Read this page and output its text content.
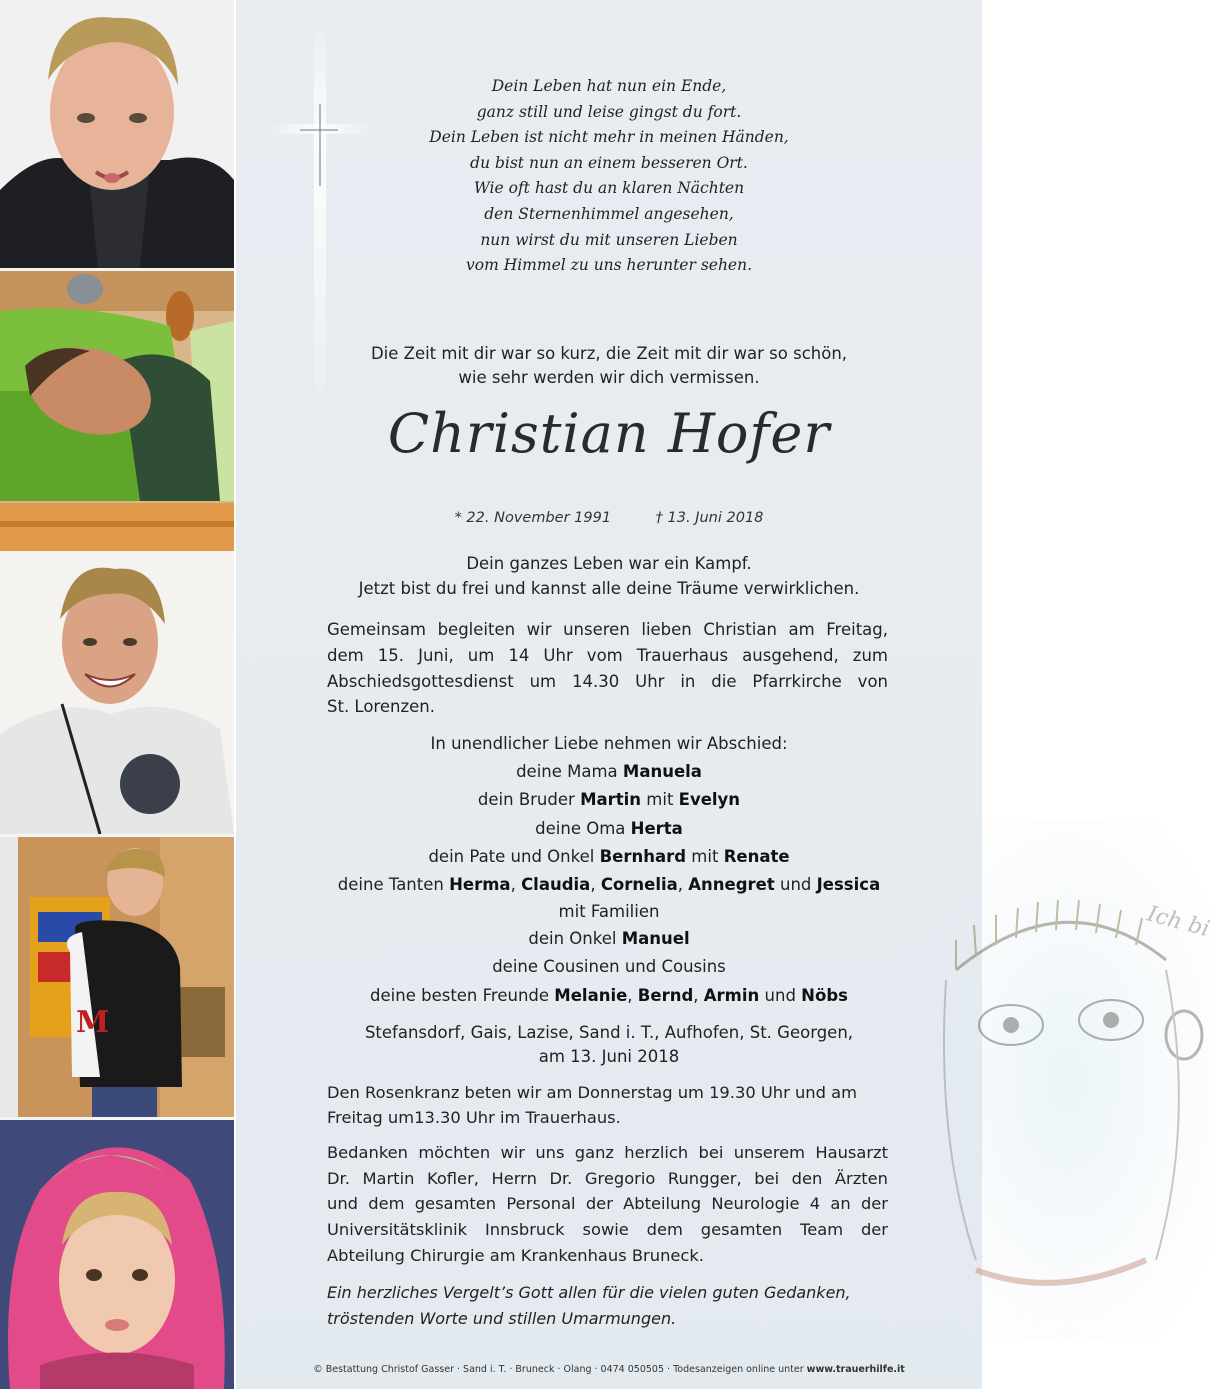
M
Ich bi
Dein Leben hat nun ein Ende,
ganz still und leise gingst du fort.
Dein Leben ist nicht mehr in meinen Händen,
du bist nun an einem besseren Ort.
Wie oft hast du an klaren Nächten
den Sternenhimmel angesehen,
nun wirst du mit unseren Lieben
vom Himmel zu uns herunter sehen.
Die Zeit mit dir war so kurz, die Zeit mit dir war so schön,
wie sehr werden wir dich vermissen.
Christian Hofer
* 22. November 1991	† 13. Juni 2018
Dein ganzes Leben war ein Kampf.
Jetzt bist du frei und kannst alle deine Träume verwirklichen.
Gemeinsam begleiten wir unseren lieben Christian am Freitag,
dem 15. Juni, um 14 Uhr vom Trauerhaus ausgehend, zum
Abschiedsgottesdienst um 14.30 Uhr in die Pfarrkirche von
St. Lorenzen.
In unendlicher Liebe nehmen wir Abschied:
deine Mama Manuela
dein Bruder Martin mit Evelyn
deine Oma Herta
dein Pate und Onkel Bernhard mit Renate
deine Tanten Herma, Claudia, Cornelia, Annegret und Jessica
mit Familien
dein Onkel Manuel
deine Cousinen und Cousins
deine besten Freunde Melanie, Bernd, Armin und Nöbs
Stefansdorf, Gais, Lazise, Sand i. T., Aufhofen, St. Georgen,
am 13. Juni 2018
Den Rosenkranz beten wir am Donnerstag um 19.30 Uhr und am
Freitag um13.30 Uhr im Trauerhaus.
Bedanken möchten wir uns ganz herzlich bei unserem Hausarzt
Dr. Martin Kofler, Herrn Dr. Gregorio Rungger, bei den Ärzten
und dem gesamten Personal der Abteilung Neurologie 4 an der
Universitätsklinik Innsbruck sowie dem gesamten Team der
Abteilung Chirurgie am Krankenhaus Bruneck.
Ein herzliches Vergelt’s Gott allen für die vielen guten Gedanken,
tröstenden Worte und stillen Umarmungen.
© Bestattung Christof Gasser · Sand i. T. · Bruneck · Olang · 0474 050505 · Todesanzeigen online unter www.trauerhilfe.it
